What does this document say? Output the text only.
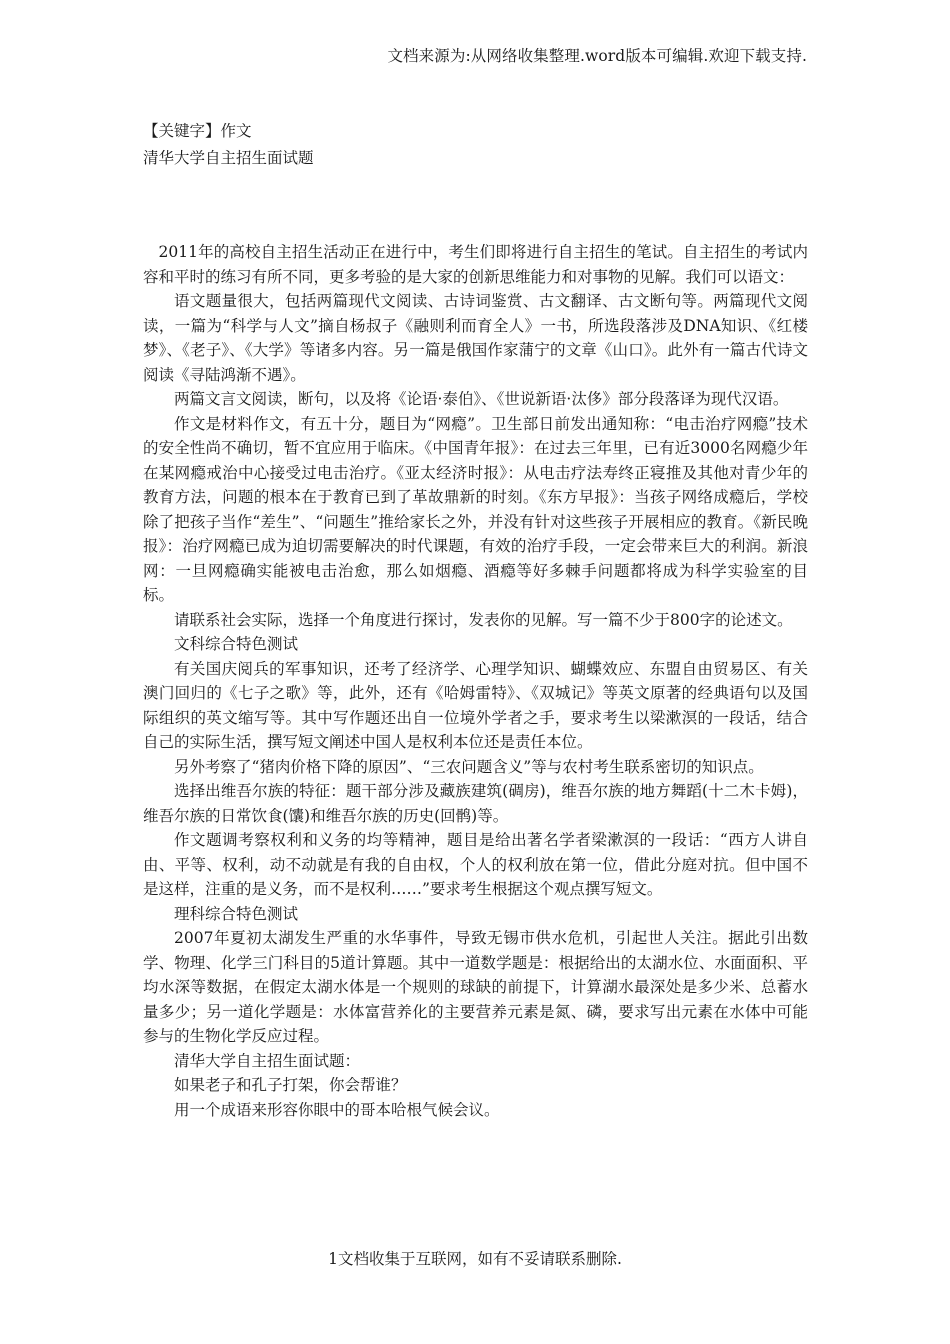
文档来源为:从网络收集整理.word版本可编辑.欢迎下载支持.
【关键字】作文
清华大学自主招生面试题

2011年的高校自主招生活动正在进行中，考生们即将进行自主招生的笔试。自主招生的考试内容和平时的练习有所不同，更多考验的是大家的创新思维能力和对事物的见解。我们可以语文：

语文题量很大，包括两篇现代文阅读、古诗词鉴赏、古文翻译、古文断句等。两篇现代文阅读，一篇为“科学与人文”摘自杨叔子《融则利而育全人》一书，所选段落涉及DNA知识、《红楼梦》、《老子》、《大学》等诸多内容。另一篇是俄国作家蒲宁的文章《山口》。此外有一篇古代诗文阅读《寻陆鸿渐不遇》。

两篇文言文阅读，断句，以及将《论语·泰伯》、《世说新语·汰侈》部分段落译为现代汉语。

作文是材料作文，有五十分，题目为“网瘾”。卫生部日前发出通知称：“电击治疗网瘾”技术的安全性尚不确切，暂不宜应用于临床。《中国青年报》：在过去三年里，已有近3000名网瘾少年在某网瘾戒治中心接受过电击治疗。《亚太经济时报》：从电击疗法寿终正寝推及其他对青少年的教育方法，问题的根本在于教育已到了革故鼎新的时刻。《东方早报》：当孩子网络成瘾后，学校除了把孩子当作“差生”、“问题生”推给家长之外，并没有针对这些孩子开展相应的教育。《新民晚报》：治疗网瘾已成为迫切需要解决的时代课题，有效的治疗手段，一定会带来巨大的利润。新浪网：一旦网瘾确实能被电击治愈，那么如烟瘾、酒瘾等好多棘手问题都将成为科学实验室的目标。

请联系社会实际，选择一个角度进行探讨，发表你的见解。写一篇不少于800字的论述文。

文科综合特色测试

有关国庆阅兵的军事知识，还考了经济学、心理学知识、蝴蝶效应、东盟自由贸易区、有关澳门回归的《七子之歌》等，此外，还有《哈姆雷特》、《双城记》等英文原著的经典语句以及国际组织的英文缩写等。其中写作题还出自一位境外学者之手，要求考生以梁漱溟的一段话，结合自己的实际生活，撰写短文阐述中国人是权利本位还是责任本位。

另外考察了“猪肉价格下降的原因”、“三农问题含义”等与农村考生联系密切的知识点。

选择出维吾尔族的特征：题干部分涉及藏族建筑(碉房)，维吾尔族的地方舞蹈(十二木卡姆)，维吾尔族的日常饮食(馕)和维吾尔族的历史(回鹘)等。

作文题调考察权利和义务的均等精神，题目是给出著名学者梁漱溟的一段话：“西方人讲自由、平等、权利，动不动就是有我的自由权，个人的权利放在第一位，借此分庭对抗。但中国不是这样，注重的是义务，而不是权利……”要求考生根据这个观点撰写短文。

理科综合特色测试

2007年夏初太湖发生严重的水华事件，导致无锡市供水危机，引起世人关注。据此引出数学、物理、化学三门科目的5道计算题。其中一道数学题是：根据给出的太湖水位、水面面积、平均水深等数据，在假定太湖水体是一个规则的球缺的前提下，计算湖水最深处是多少米、总蓄水量多少；另一道化学题是：水体富营养化的主要营养元素是氮、磷，要求写出元素在水体中可能参与的生物化学反应过程。

清华大学自主招生面试题：

如果老子和孔子打架，你会帮谁？

用一个成语来形容你眼中的哥本哈根气候会议。

1文档收集于互联网，如有不妥请联系删除.
